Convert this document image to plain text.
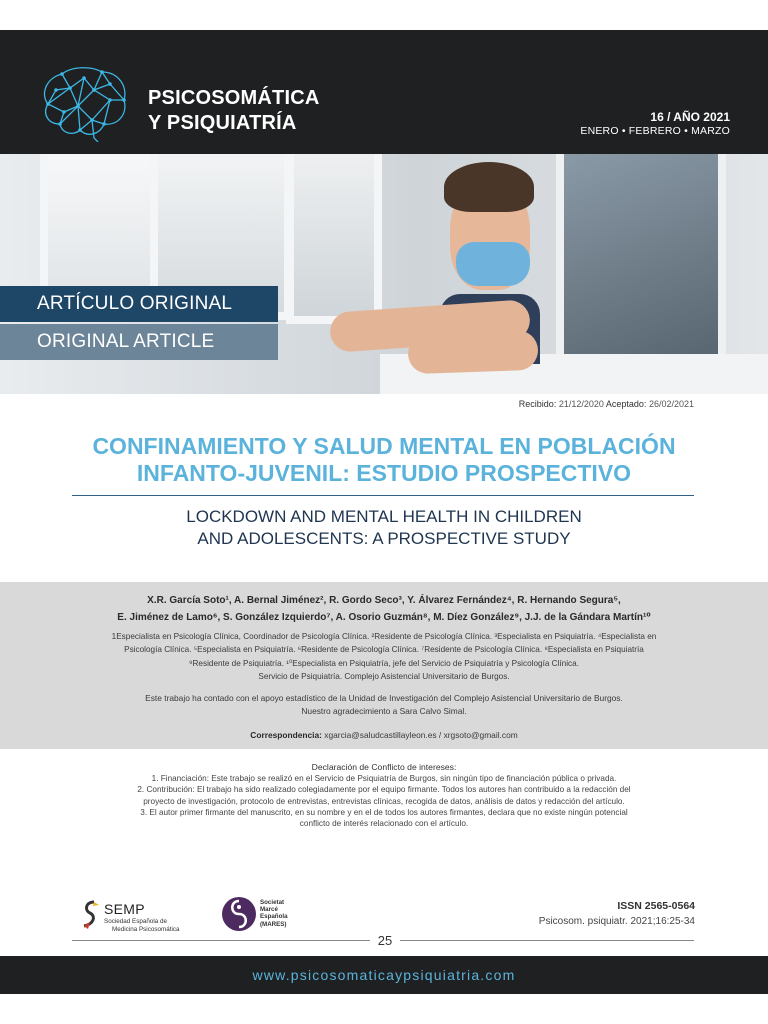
PSICOSOMÁTICA
Y PSIQUIATRÍA	16 / AÑO 2021
ENERO • FEBRERO • MARZO
ARTÍCULO ORIGINAL
ORIGINAL ARTICLE
Recibido: 21/12/2020 Aceptado: 26/02/2021
CONFINAMIENTO Y SALUD MENTAL EN POBLACIÓN
INFANTO-JUVENIL: ESTUDIO PROSPECTIVO
LOCKDOWN AND MENTAL HEALTH IN CHILDREN
AND ADOLESCENTS: A PROSPECTIVE STUDY
X.R. García Soto¹, A. Bernal Jiménez², R. Gordo Seco³, Y. Álvarez Fernández⁴, R. Hernando Segura⁵,
E. Jiménez de Lamo⁶, S. González Izquierdo⁷, A. Osorio Guzmán⁸, M. Díez González⁹, J.J. de la Gándara Martín¹⁰
1Especialista en Psicología Clínica, Coordinador de Psicología Clínica. ²Residente de Psicología Clínica. ³Especialista en Psiquiatría. ⁴Especialista en
Psicología Clínica. ⁵Especialista en Psiquiatría. ⁶Residente de Psicología Clínica. ⁷Residente de Psicología Clínica. ⁸Especialista en Psiquiatría
⁹Residente de Psiquiatría. ¹⁰Especialista en Psiquiatría, jefe del Servicio de Psiquiatría y Psicología Clínica.
Servicio de Psiquiatría. Complejo Asistencial Universitario de Burgos.
Este trabajo ha contado con el apoyo estadístico de la Unidad de Investigación del Complejo Asistencial Universitario de Burgos.
Nuestro agradecimiento a Sara Calvo Simal.
Correspondencia: xgarcia@saludcastillayleon.es / xrgsoto@gmail.com
Declaración de Conflicto de intereses:
1. Financiación: Este trabajo se realizó en el Servicio de Psiquiatría de Burgos, sin ningún tipo de financiación pública o privada.
2. Contribución: El trabajo ha sido realizado colegiadamente por el equipo firmante. Todos los autores han contribuido a la redacción del
proyecto de investigación, protocolo de entrevistas, entrevistas clínicas, recogida de datos, análisis de datos y redacción del artículo.
3. El autor primer firmante del manuscrito, en su nombre y en el de todos los autores firmantes, declara que no existe ningún potencial
conflicto de interés relacionado con el artículo.
SEMP
Sociedad Española de
Medicina Psicosomática
Societat
Marcé
Española
(MARES)
ISSN 2565-0564
Psicosom. psiquiatr. 2021;16:25-34
25
www.psicosomaticaypsiquiatria.com
